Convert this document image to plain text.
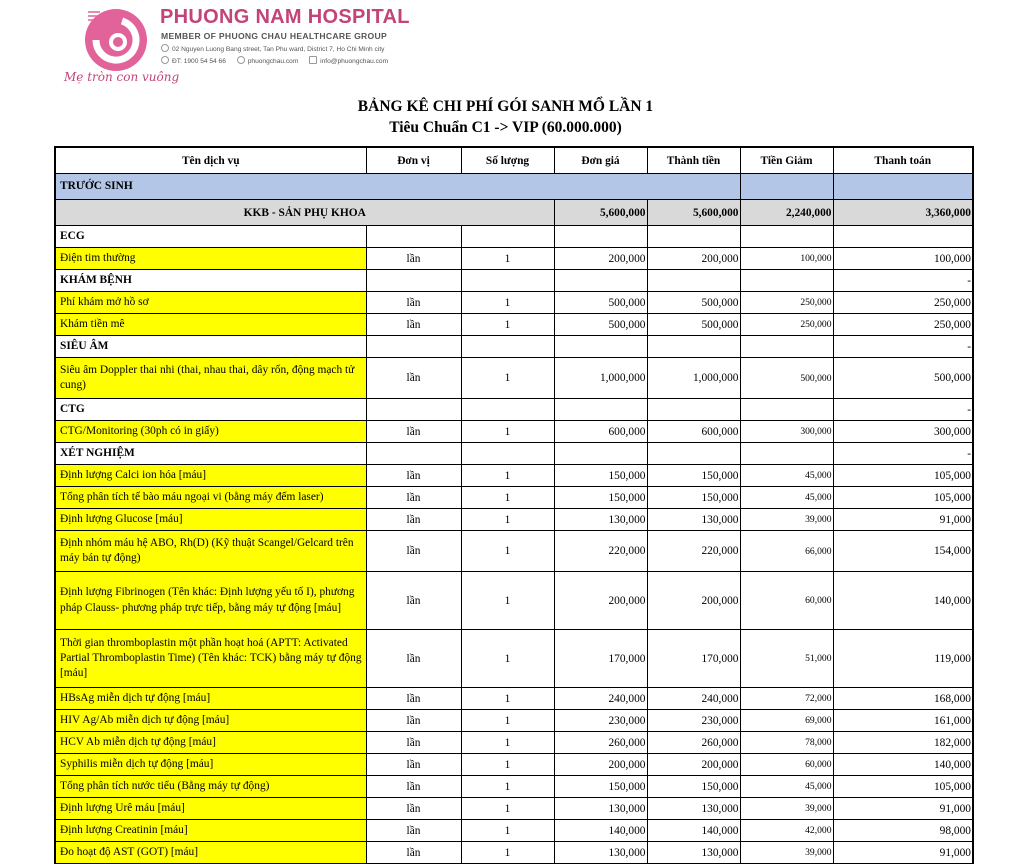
PHUONG NAM HOSPITAL
MEMBER OF PHUONG CHAU HEALTHCARE GROUP
02 Nguyen Luong Bang street, Tan Phu ward, District 7, Ho Chi Minh city
ĐT: 1900 54 54 66	phuongchau.com	info@phuongchau.com
Mẹ tròn con vuông
BẢNG KÊ CHI PHÍ GÓI SANH MỔ LẦN 1
Tiêu Chuẩn C1 -> VIP (60.000.000)
Tên dịch vụ	Đơn vị	Số lượng	Đơn giá	Thành tiền	Tiền Giảm	Thanh toán
TRƯỚC SINH						
KKB - SẢN PHỤ KHOA			5,600,000	5,600,000	2,240,000	3,360,000
ECG						
Điện tim thường	lần	1	200,000	200,000	100,000	100,000
KHÁM BỆNH						-
Phí khám mở hồ sơ	lần	1	500,000	500,000	250,000	250,000
Khám tiền mê	lần	1	500,000	500,000	250,000	250,000
SIÊU ÂM						-
Siêu âm Doppler thai nhi (thai, nhau thai, dây rốn, động mạch tử cung)	lần	1	1,000,000	1,000,000	500,000	500,000
CTG						-
CTG/Monitoring (30ph có in giấy)	lần	1	600,000	600,000	300,000	300,000
XÉT NGHIỆM						-
Định lượng Calci ion hóa [máu]	lần	1	150,000	150,000	45,000	105,000
Tổng phân tích tế bào máu ngoại vi (bằng máy đếm laser)	lần	1	150,000	150,000	45,000	105,000
Định lượng Glucose [máu]	lần	1	130,000	130,000	39,000	91,000
Định nhóm máu hệ ABO, Rh(D) (Kỹ thuật Scangel/Gelcard trên máy bán tự động)	lần	1	220,000	220,000	66,000	154,000
Định lượng Fibrinogen (Tên khác: Định lượng yếu tố I), phương pháp Clauss- phương pháp trực tiếp, bằng máy tự động [máu]	lần	1	200,000	200,000	60,000	140,000
Thời gian thromboplastin một phần hoạt hoá (APTT: Activated Partial Thromboplastin Time) (Tên khác: TCK) bằng máy tự động [máu]	lần	1	170,000	170,000	51,000	119,000
HBsAg miễn dịch tự động [máu]	lần	1	240,000	240,000	72,000	168,000
HIV Ag/Ab miễn dịch tự động [máu]	lần	1	230,000	230,000	69,000	161,000
HCV Ab miễn dịch tự động [máu]	lần	1	260,000	260,000	78,000	182,000
Syphilis miễn dịch tự động [máu]	lần	1	200,000	200,000	60,000	140,000
Tổng phân tích nước tiểu (Bằng máy tự động)	lần	1	150,000	150,000	45,000	105,000
Định lượng Urê máu [máu]	lần	1	130,000	130,000	39,000	91,000
Định lượng Creatinin [máu]	lần	1	140,000	140,000	42,000	98,000
Đo hoạt độ AST (GOT) [máu]	lần	1	130,000	130,000	39,000	91,000
